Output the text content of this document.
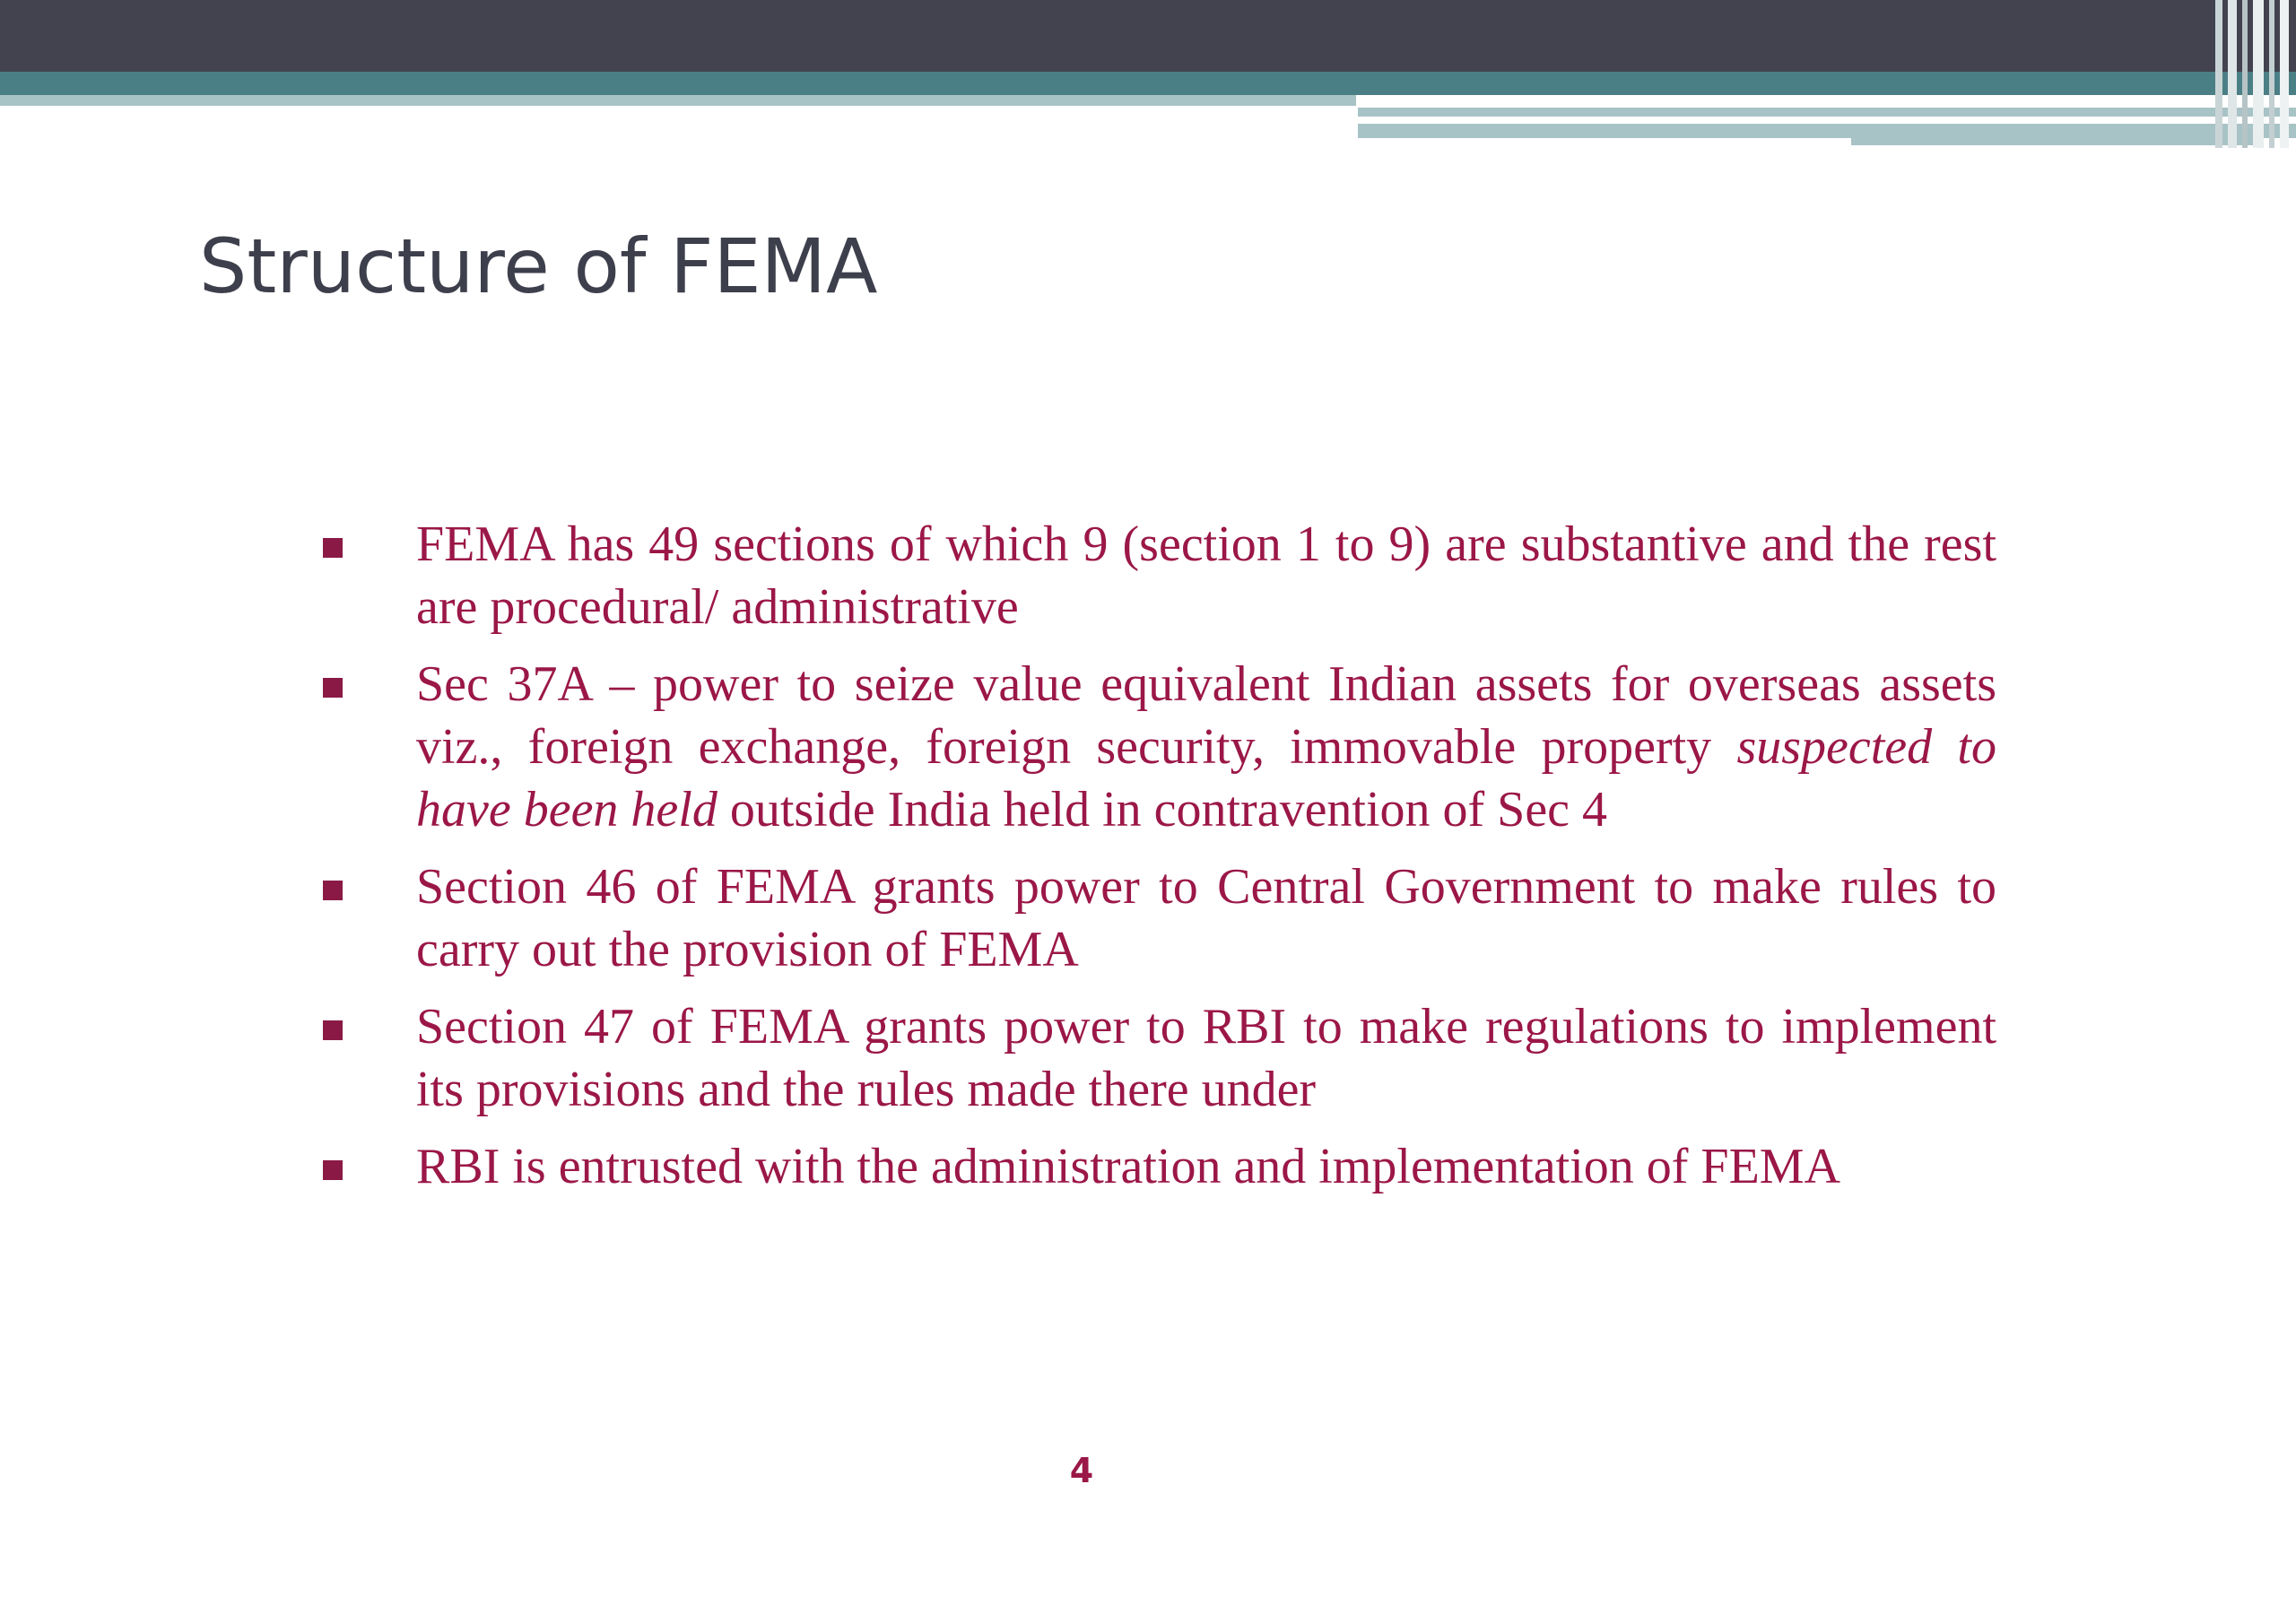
Structure of FEMA
FEMA has 49 sections of which 9 (section 1 to 9) are substantive and the rest are procedural/ administrative
Sec 37A – power to seize value equivalent Indian assets for overseas assets viz., foreign exchange, foreign security, immovable property suspected to have been held outside India held in contravention of Sec 4
Section 46 of FEMA grants power to Central Government to make rules to carry out the provision of FEMA
Section 47 of FEMA grants power to RBI to make regulations to implement its provisions and the rules made there under
RBI is entrusted with the administration and implementation of FEMA
4
